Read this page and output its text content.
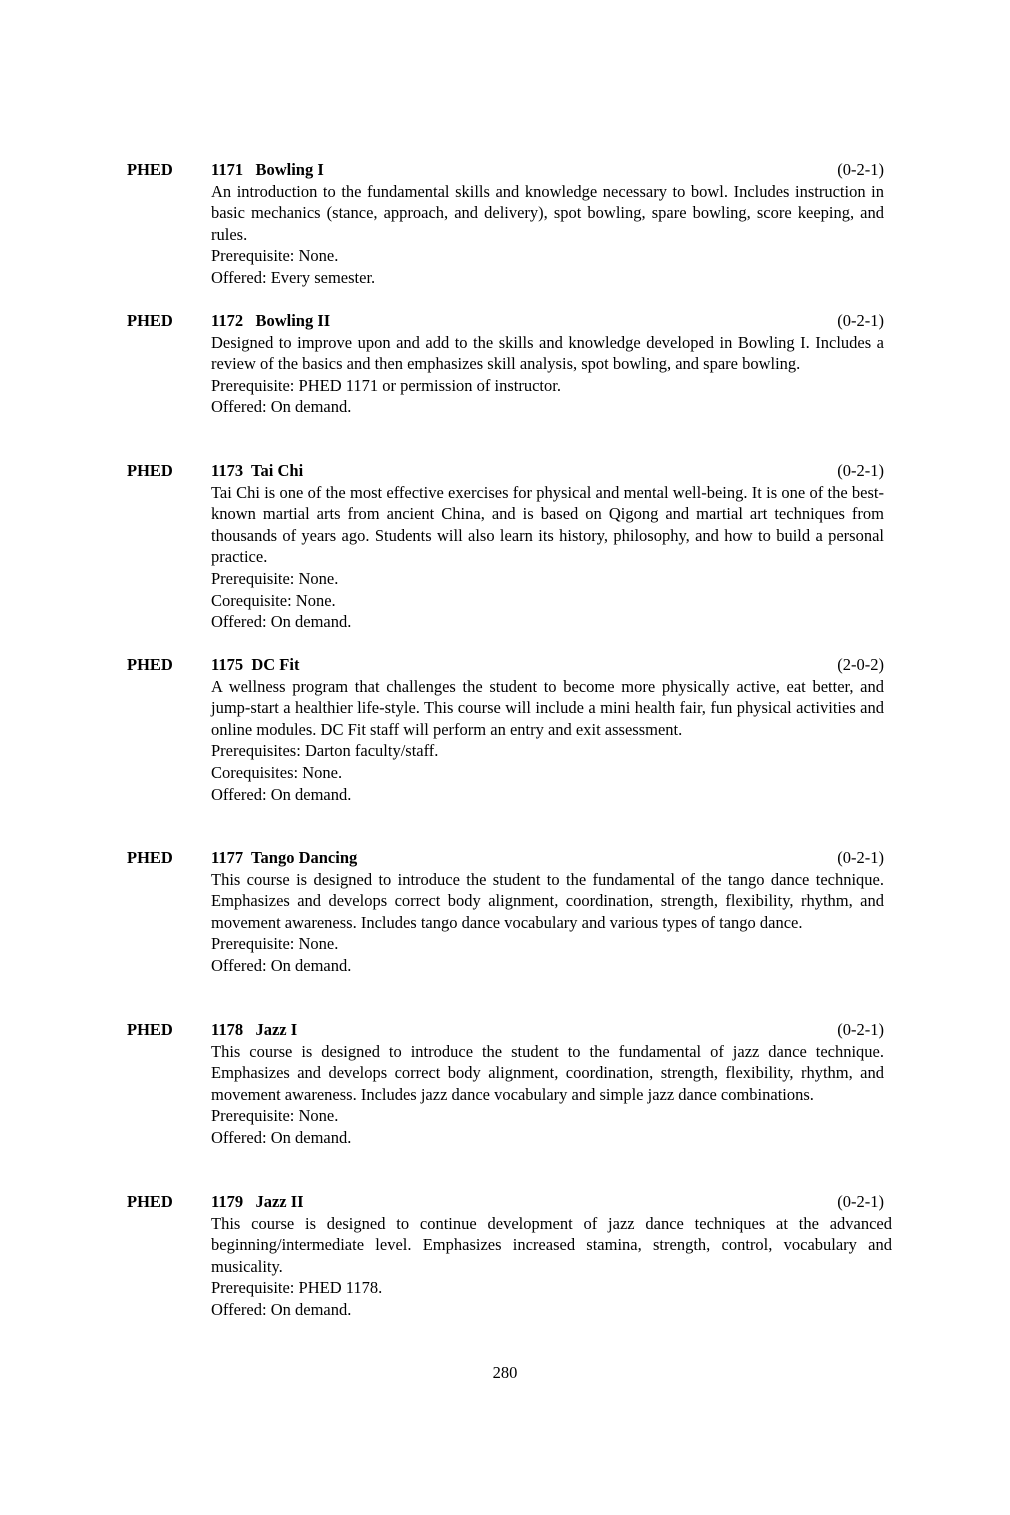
PHED 1171   Bowling I	(0-2-1)

An introduction to the fundamental skills and knowledge necessary to bowl. Includes instruction in basic mechanics (stance, approach, and delivery), spot bowling, spare bowling, score keeping, and rules.

Prerequisite: None.

Offered: Every semester.

PHED 1172   Bowling II	(0-2-1)

Designed to improve upon and add to the skills and knowledge developed in Bowling I. Includes a review of the basics and then emphasizes skill analysis, spot bowling, and spare bowling.

Prerequisite: PHED 1171 or permission of instructor.

Offered: On demand.

PHED 1173  Tai Chi	(0-2-1)

Tai Chi is one of the most effective exercises for physical and mental well-being. It is one of the best-known martial arts from ancient China, and is based on Qigong and martial art techniques from thousands of years ago. Students will also learn its history, philosophy, and how to build a personal practice.

Prerequisite: None.

Corequisite: None.

Offered: On demand.

PHED 1175  DC Fit	(2-0-2)

A wellness program that challenges the student to become more physically active, eat better, and jump-start a healthier life-style. This course will include a mini health fair, fun physical activities and online modules. DC Fit staff will perform an entry and exit assessment.

Prerequisites: Darton faculty/staff.

Corequisites: None.

Offered: On demand.

PHED 1177  Tango Dancing	(0-2-1)

This course is designed to introduce the student to the fundamental of the tango dance technique. Emphasizes and develops correct body alignment, coordination, strength, flexibility, rhythm, and movement awareness. Includes tango dance vocabulary and various types of tango dance.

Prerequisite: None.

Offered: On demand.

PHED 1178   Jazz I	(0-2-1)

This course is designed to introduce the student to the fundamental of jazz dance technique. Emphasizes and develops correct body alignment, coordination, strength, flexibility, rhythm, and movement awareness. Includes jazz dance vocabulary and simple jazz dance combinations.

Prerequisite: None.

Offered: On demand.

PHED 1179   Jazz II	(0-2-1)

This course is designed to continue development of jazz dance techniques at the advanced beginning/intermediate level. Emphasizes increased stamina, strength, control, vocabulary and musicality.

Prerequisite: PHED 1178.

Offered: On demand.

280
